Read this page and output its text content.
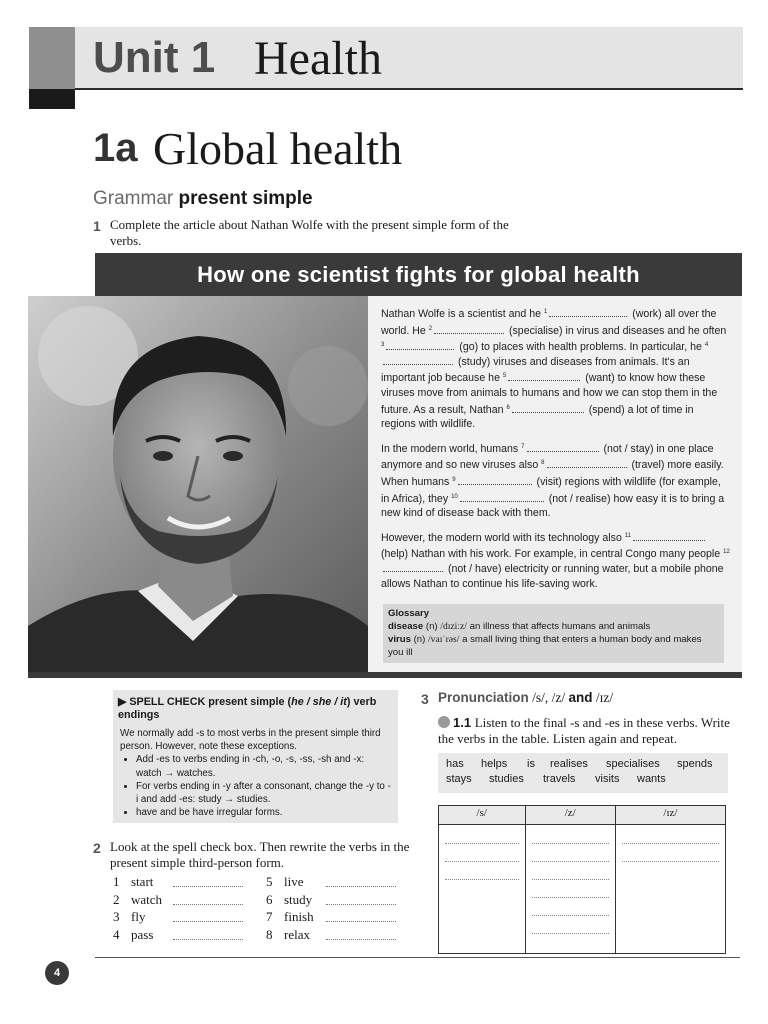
Unit 1 Health
1a Global health
Grammar present simple
1 Complete the article about Nathan Wolfe with the present simple form of the verbs.
How one scientist fights for global health

Nathan Wolfe is a scientist and he $^1$	(work) all over the world. He $^2$	(specialise) in virus and diseases and he often $^3$	(go) to places with health problems. In particular, he $^4$ (study) viruses and diseases from animals. It's an important job because he $^5$	(want) to know how these viruses move from animals to humans and how we can stop them in the future. As a result, Nathan $^6$	(spend) a lot of time in regions with wildlife.

In the modern world, humans $^7$	(not / stay) in one place anymore and so new viruses also $^8$	(travel) more easily. When humans $^9$	(visit) regions with wildlife (for example, in Africa), they $^{10}$	(not / realise) how easy it is to bring a new kind of disease back with them.

However, the modern world with its technology also $^{11}$ (help) Nathan with his work. For example, in central Congo many people $^{12}$ (not / have) electricity or running water, but a mobile phone allows Nathan to continue his life-saving work.

Glossary
disease (n) /dɪziːz/ an illness that affects humans and animals
virus (n) /vaɪˈrəs/ a small living thing that enters a human body and makes you ill
▶ SPELL CHECK present simple (he / she / it) verb endings
We normally add -s to most verbs in the present simple third person. However, note these exceptions.
• Add -es to verbs ending in -ch, -o, -s, -ss, -sh and -x: watch → watches.
• For verbs ending in -y after a consonant, change the -y to -i and add -es: study → studies.
• have and be have irregular forms.
2 Look at the spell check box. Then rewrite the verbs in the present simple third-person form.
1 start
2 watch
3 fly
4 pass
5 live
6 study
7 finish
8 relax
3 Pronunciation /s/, /z/ and /ɪz/
1.1 Listen to the final -s and -es in these verbs. Write the verbs in the table. Listen again and repeat.
has helps is realises specialises spends
stays studies travels visits wants
/s/	/z/	/ɪz/

4
